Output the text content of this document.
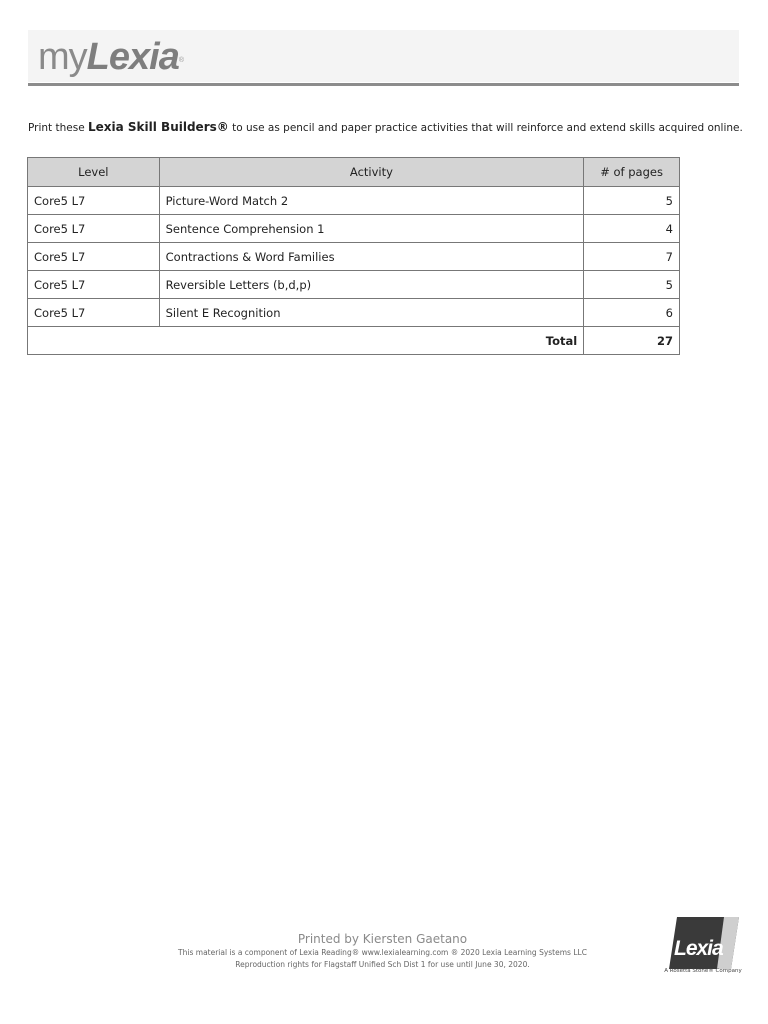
myLexia®
Print these Lexia Skill Builders® to use as pencil and paper practice activities that will reinforce and extend skills acquired online.
Level	Activity	# of pages
Core5 L7	Picture-Word Match 2	5
Core5 L7	Sentence Comprehension 1	4
Core5 L7	Contractions & Word Families	7
Core5 L7	Reversible Letters (b,d,p)	5
Core5 L7	Silent E Recognition	6
Total		27
Printed by Kiersten Gaetano
This material is a component of Lexia Reading® www.lexialearning.com ® 2020 Lexia Learning Systems LLC
Reproduction rights for Flagstaff Unified Sch Dist 1 for use until June 30, 2020.
Lexia
A Rosetta Stone® Company
